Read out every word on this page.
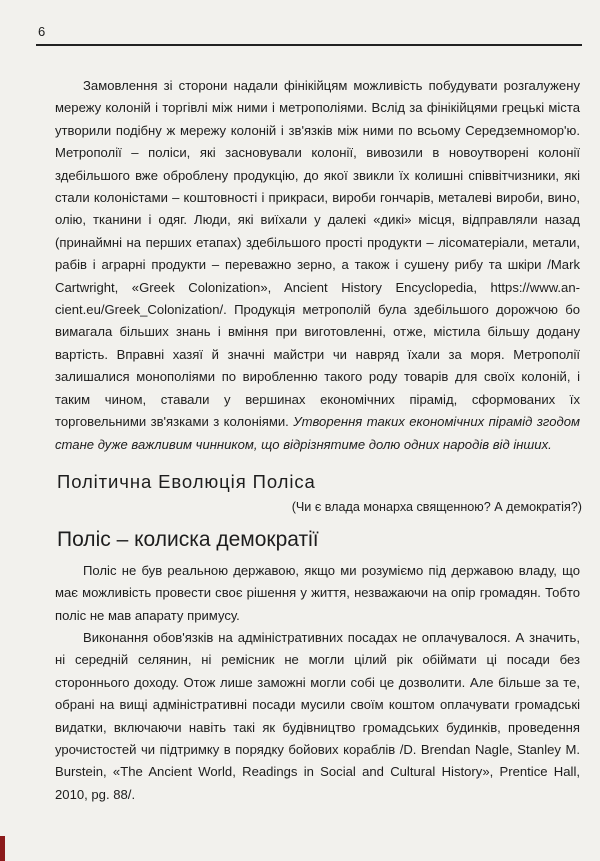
6

Замовлення зі сторони надали фінікійцям можливість побудувати розгалужену мережу колоній і торгівлі між ними і метрополіями. Вслід за фінікійцями грецькі міста утворили подібну ж мережу колоній і зв'язків між ними по всьому Середземномор'ю. Метрополії – поліси, які засновували колонії, вивозили в новоутворені колонії здебільшого вже оброблену продукцію, до якої звикли їх колишні співвітчизники, які стали колоністами – коштовності і прикраси, вироби гончарів, металеві вироби, вино, олію, тканини і одяг. Люди, які виїхали у далекі «дикі» місця, відправляли назад (принаймні на перших етапах) здебільшого прості продукти – лісоматеріали, метали, рабів і аграрні продукти – переважно зерно, а також і сушену рибу та шкіри /Mark Cartwright, «Greek Colonization», Ancient History Encyclopedia, https://www.an-cient.eu/Greek_Colonization/. Продукція метрополій була здебільшого дорожчою бо вимагала більших знань і вміння при виготовленні, отже, містила більшу додану вартість. Вправні хазяї й значні майстри чи навряд їхали за моря. Метрополії залишалися монополіями по виробленню такого роду товарів для своїх колоній, і таким чином, ставали у вершинах економічних пірамід, сформованих їх торговельними зв'язками з колоніями. Утворення таких економічних пірамід згодом стане дуже важливим чинником, що відрізнятиме долю одних народів від інших.

Політична Еволюція Поліса
(Чи є влада монарха священною? А демократія?)
Поліс – колиска демократії

Поліс не був реальною державою, якщо ми розуміємо під державою владу, що має можливість провести своє рішення у життя, незважаючи на опір громадян. Тобто поліс не мав апарату примусу.

Виконання обов'язків на адміністративних посадах не оплачувалося. А значить, ні середній селянин, ні ремісник не могли цілий рік обіймати ці посади без стороннього доходу. Отож лише заможні могли собі це дозволити. Але більше за те, обрані на вищі адміністративні посади мусили своїм коштом оплачувати громадські видатки, включаючи навіть такі як будівництво громадських будинків, проведення урочистостей чи підтримку в порядку бойових кораблів /D. Brendan Nagle, Stanley M. Burstein, «The Ancient World, Readings in Social and Cultural History», Prentice Hall, 2010, pg. 88/.
